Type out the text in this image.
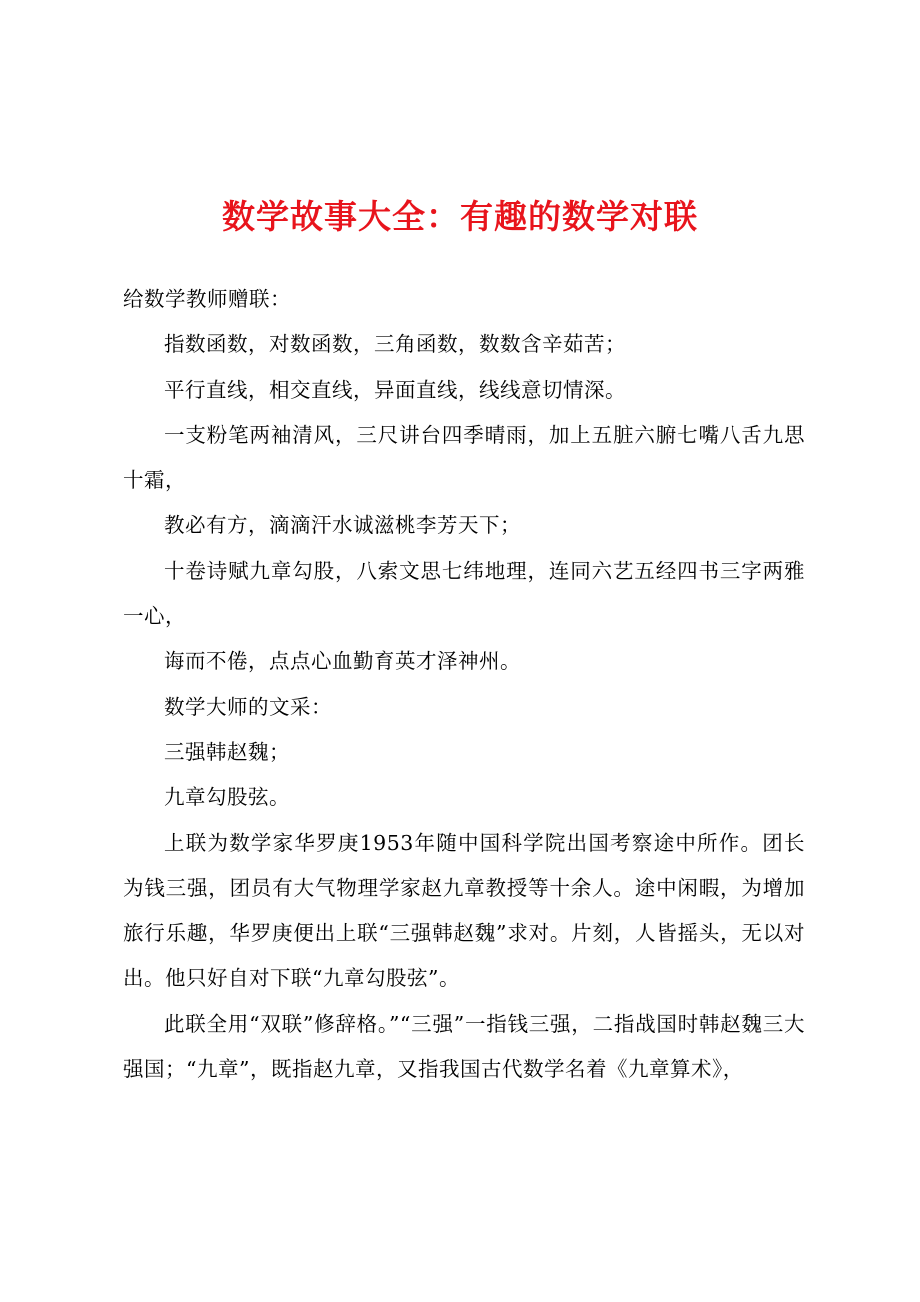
数学故事大全：有趣的数学对联

给数学教师赠联：

指数函数，对数函数，三角函数，数数含辛茹苦；

平行直线，相交直线，异面直线，线线意切情深。

一支粉笔两袖清风，三尺讲台四季晴雨，加上五脏六腑七嘴八舌九思十霜，

教必有方，滴滴汗水诚滋桃李芳天下；

十卷诗赋九章勾股，八索文思七纬地理，连同六艺五经四书三字两雅一心，

诲而不倦，点点心血勤育英才泽神州。

数学大师的文采：

三强韩赵魏；

九章勾股弦。

上联为数学家华罗庚1953年随中国科学院出国考察途中所作。团长为钱三强，团员有大气物理学家赵九章教授等十余人。途中闲暇，为增加旅行乐趣，华罗庚便出上联“三强韩赵魏”求对。片刻，人皆摇头，无以对出。他只好自对下联“九章勾股弦”。

此联全用“双联”修辞格。”“三强”一指钱三强，二指战国时韩赵魏三大强国；“九章”，既指赵九章，又指我国古代数学名着《九章算术》，
